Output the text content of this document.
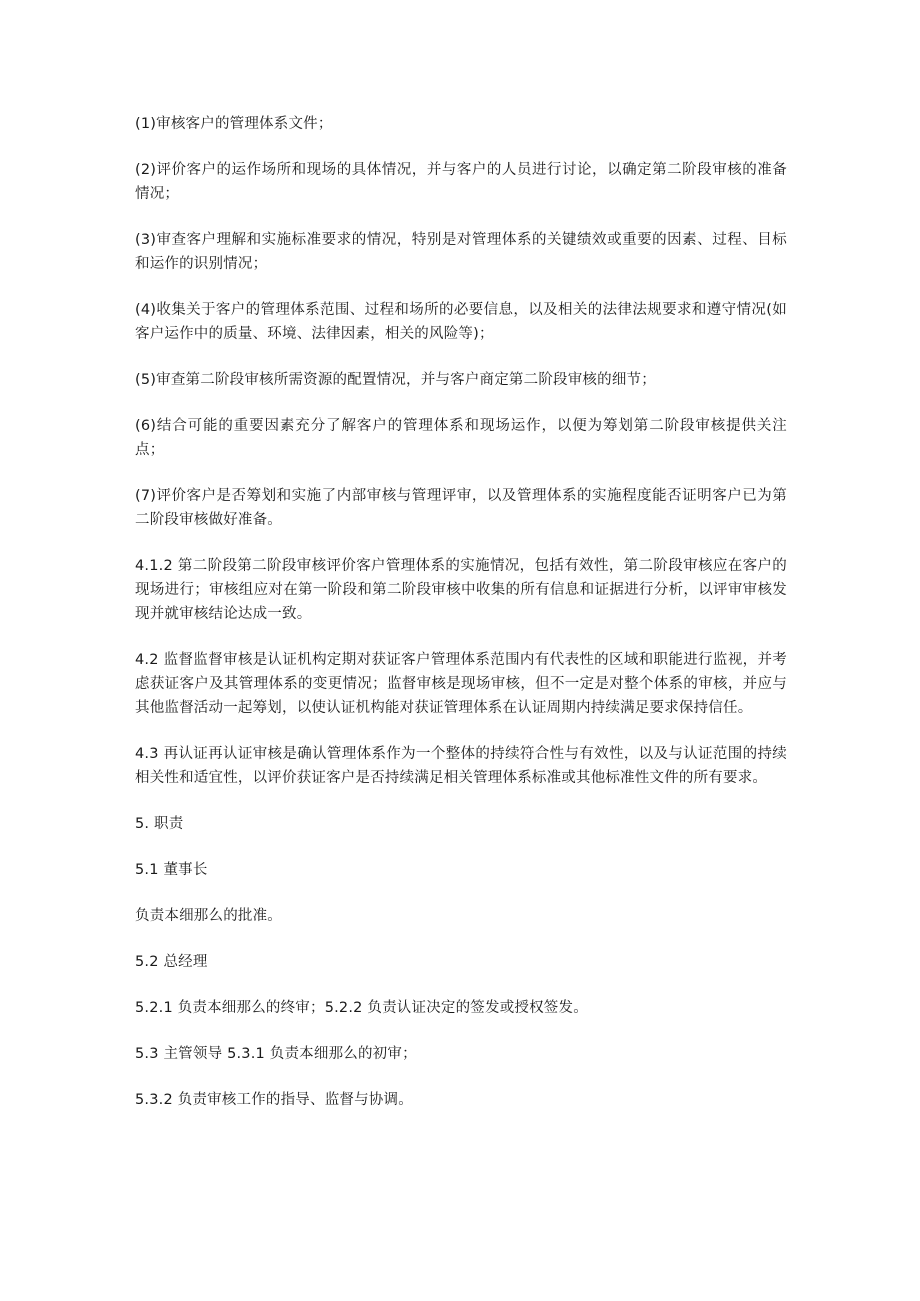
(1)审核客户的管理体系文件；

(2)评价客户的运作场所和现场的具体情况，并与客户的人员进行讨论，以确定第二阶段审核的准备情况；

(3)审查客户理解和实施标准要求的情况，特别是对管理体系的关键绩效或重要的因素、过程、目标和运作的识别情况；

(4)收集关于客户的管理体系范围、过程和场所的必要信息，以及相关的法律法规要求和遵守情况(如客户运作中的质量、环境、法律因素，相关的风险等)；

(5)审查第二阶段审核所需资源的配置情况，并与客户商定第二阶段审核的细节；

(6)结合可能的重要因素充分了解客户的管理体系和现场运作，以便为筹划第二阶段审核提供关注点；

(7)评价客户是否筹划和实施了内部审核与管理评审，以及管理体系的实施程度能否证明客户已为第二阶段审核做好准备。

4.1.2 第二阶段第二阶段审核评价客户管理体系的实施情况，包括有效性，第二阶段审核应在客户的现场进行；审核组应对在第一阶段和第二阶段审核中收集的所有信息和证据进行分析，以评审审核发现并就审核结论达成一致。

4.2 监督监督审核是认证机构定期对获证客户管理体系范围内有代表性的区域和职能进行监视，并考虑获证客户及其管理体系的变更情况；监督审核是现场审核，但不一定是对整个体系的审核，并应与其他监督活动一起筹划，以使认证机构能对获证管理体系在认证周期内持续满足要求保持信任。

4.3 再认证再认证审核是确认管理体系作为一个整体的持续符合性与有效性，以及与认证范围的持续相关性和适宜性，以评价获证客户是否持续满足相关管理体系标准或其他标准性文件的所有要求。

5. 职责

5.1 董事长

负责本细那么的批准。

5.2 总经理

5.2.1 负责本细那么的终审；5.2.2 负责认证决定的签发或授权签发。

5.3 主管领导 5.3.1 负责本细那么的初审；

5.3.2 负责审核工作的指导、监督与协调。
